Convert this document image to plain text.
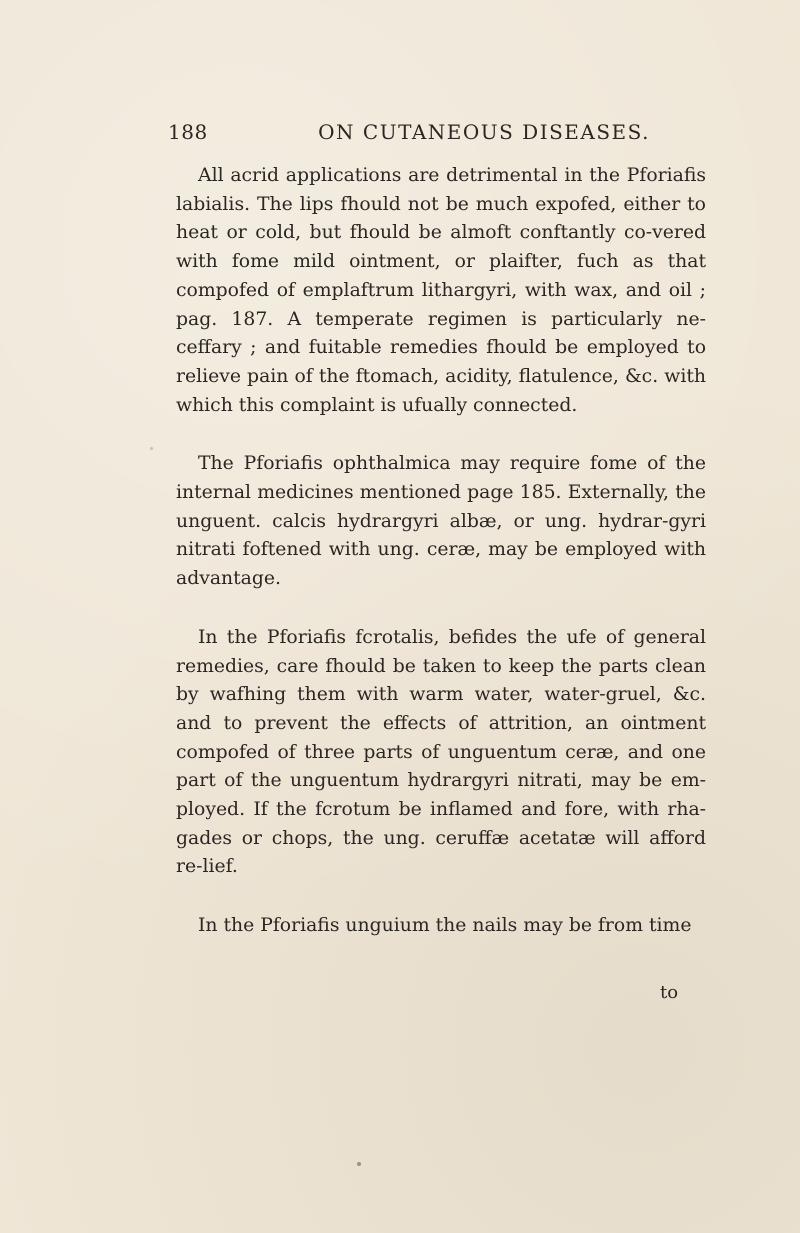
188	ON CUTANEOUS DISEASES.

All acrid applications are detrimental in the Pforiafis labialis. The lips fhould not be much expofed, either to heat or cold, but fhould be almoft conftantly co-vered with fome mild ointment, or plaifter, fuch as that compofed of emplaftrum lithargyri, with wax, and oil ; pag. 187. A temperate regimen is particularly ne-ceffary ; and fuitable remedies fhould be employed to relieve pain of the ftomach, acidity, flatulence, &c. with which this complaint is ufually connected.

The Pforiafis ophthalmica may require fome of the internal medicines mentioned page 185. Externally, the unguent. calcis hydrargyri albæ, or ung. hydrar-gyri nitrati foftened with ung. ceræ, may be employed with advantage.

In the Pforiafis fcrotalis, befides the ufe of general remedies, care fhould be taken to keep the parts clean by wafhing them with warm water, water-gruel, &c. and to prevent the effects of attrition, an ointment compofed of three parts of unguentum ceræ, and one part of the unguentum hydrargyri nitrati, may be em-ployed. If the fcrotum be inflamed and fore, with rha-gades or chops, the ung. ceruffæ acetatæ will afford re-lief.

In the Pforiafis unguium the nails may be from time

to
